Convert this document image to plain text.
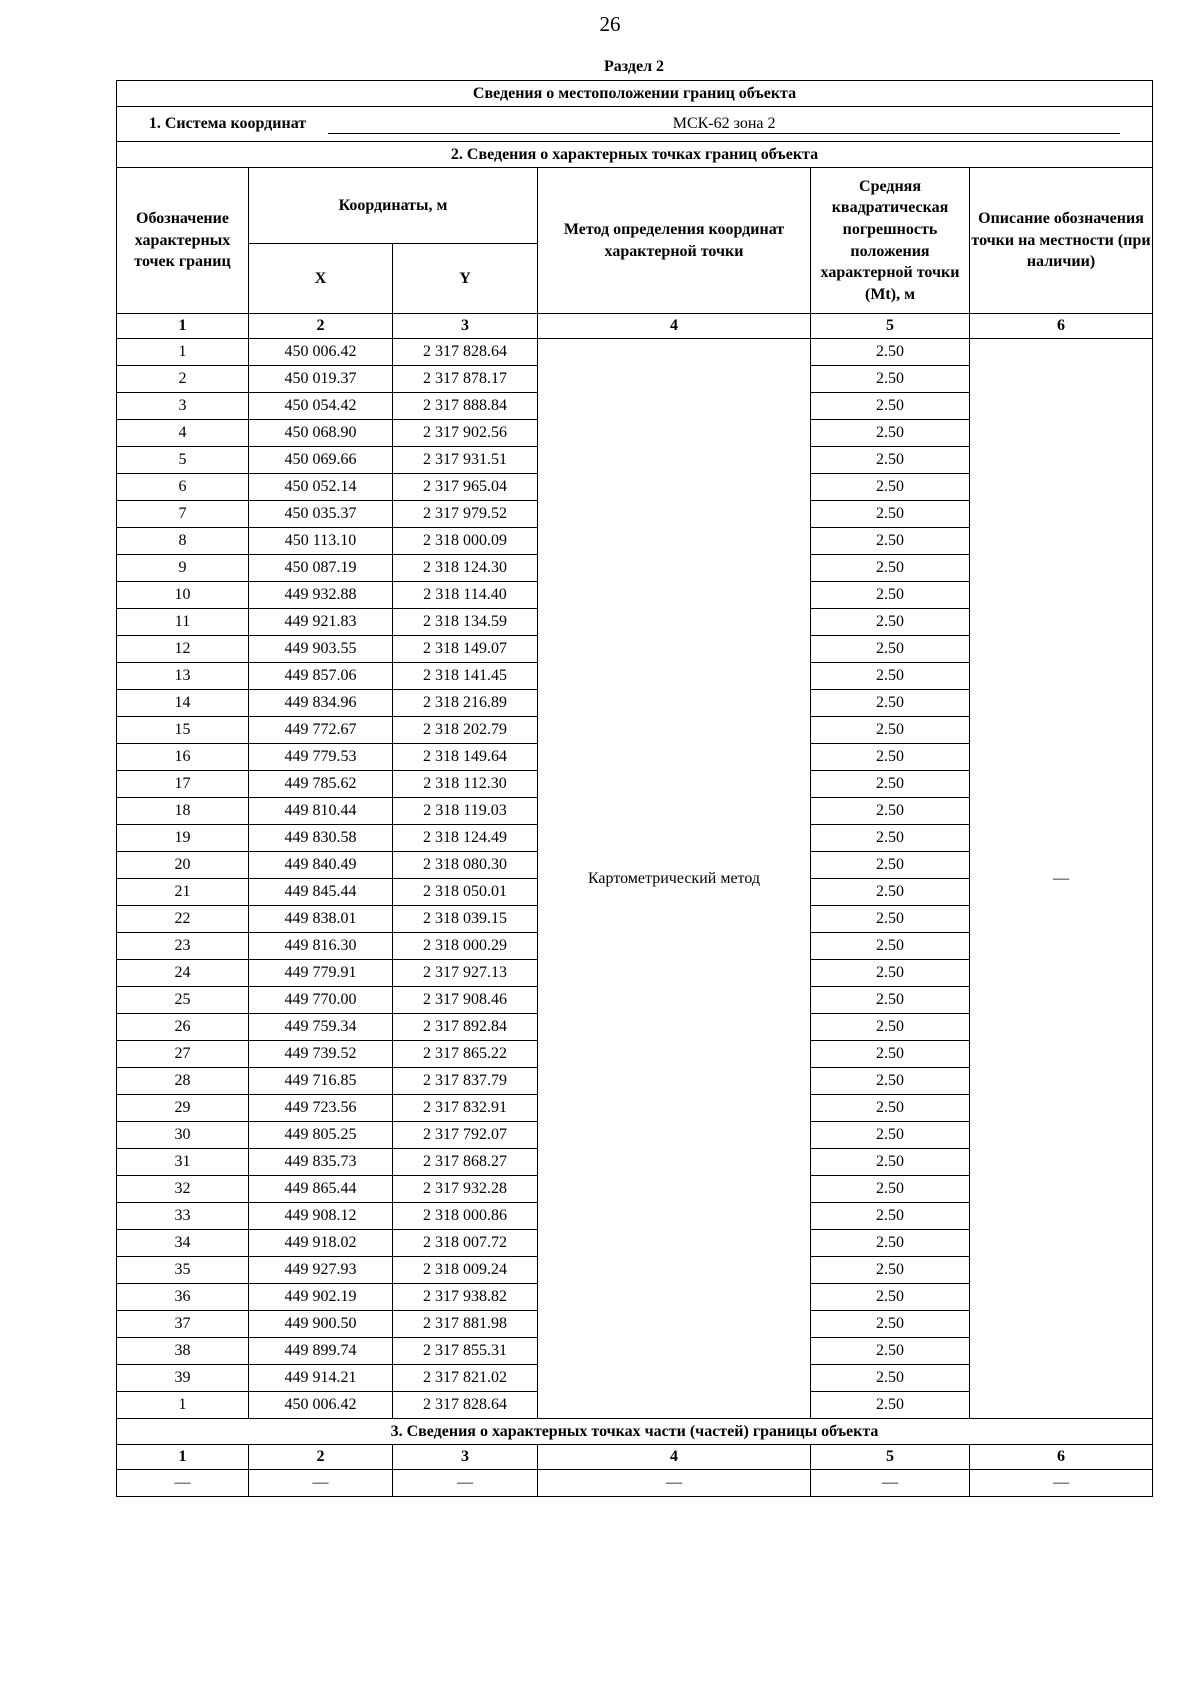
26
Раздел 2
Сведения о местоположении границ объекта					
1. Система координат МСК-62 зона 2					
2. Сведения о характерных точках границ объекта					
Обозначение характерных точек границ	Координаты, м		Метод определения координат характерной точки	Средняя квадратическая погрешность положения характерной точки (Mt), м	Описание обозначения точки на местности (при наличии)
	X	Y			
1	2	3	4	5	6
1	450 006.42	2 317 828.64	Картометрический метод	2.50	—
2	450 019.37	2 317 878.17		2.50	
3	450 054.42	2 317 888.84		2.50	
4	450 068.90	2 317 902.56		2.50	
5	450 069.66	2 317 931.51		2.50	
6	450 052.14	2 317 965.04		2.50	
7	450 035.37	2 317 979.52		2.50	
8	450 113.10	2 318 000.09		2.50	
9	450 087.19	2 318 124.30		2.50	
10	449 932.88	2 318 114.40		2.50	
11	449 921.83	2 318 134.59		2.50	
12	449 903.55	2 318 149.07		2.50	
13	449 857.06	2 318 141.45		2.50	
14	449 834.96	2 318 216.89		2.50	
15	449 772.67	2 318 202.79		2.50	
16	449 779.53	2 318 149.64		2.50	
17	449 785.62	2 318 112.30		2.50	
18	449 810.44	2 318 119.03		2.50	
19	449 830.58	2 318 124.49		2.50	
20	449 840.49	2 318 080.30		2.50	
21	449 845.44	2 318 050.01		2.50	
22	449 838.01	2 318 039.15		2.50	
23	449 816.30	2 318 000.29		2.50	
24	449 779.91	2 317 927.13		2.50	
25	449 770.00	2 317 908.46		2.50	
26	449 759.34	2 317 892.84		2.50	
27	449 739.52	2 317 865.22		2.50	
28	449 716.85	2 317 837.79		2.50	
29	449 723.56	2 317 832.91		2.50	
30	449 805.25	2 317 792.07		2.50	
31	449 835.73	2 317 868.27		2.50	
32	449 865.44	2 317 932.28		2.50	
33	449 908.12	2 318 000.86		2.50	
34	449 918.02	2 318 007.72		2.50	
35	449 927.93	2 318 009.24		2.50	
36	449 902.19	2 317 938.82		2.50	
37	449 900.50	2 317 881.98		2.50	
38	449 899.74	2 317 855.31		2.50	
39	449 914.21	2 317 821.02		2.50	
1	450 006.42	2 317 828.64		2.50	
3. Сведения о характерных точках части (частей) границы объекта					
1	2	3	4	5	6
—	—	—	—	—	—
